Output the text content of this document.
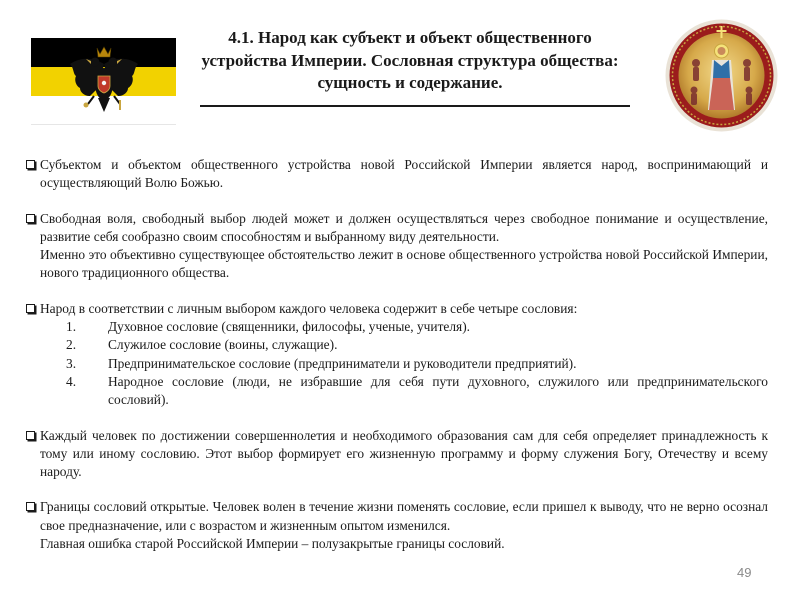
4.1. Народ как субъект и объект общественного устройства Империи. Сословная структура общества: сущность и содержание.

Субъектом и объектом общественного устройства новой Российской Империи является народ, воспринимающий и осуществляющий Волю Божью.

Свободная воля, свободный выбор людей может и должен осуществляться через свободное понимание и осуществление, развитие себя сообразно своим способностям и выбранному виду деятельности.

Именно это объективно существующее обстоятельство лежит в основе общественного устройства новой Российской Империи, нового традиционного общества.

Народ в соответствии с личным выбором каждого человека содержит в себе четыре сословия:

1. Духовное сословие (священники, философы, ученые, учителя).
2. Служилое сословие (воины, служащие).
3. Предпринимательское сословие (предприниматели и руководители предприятий).
4. Народное сословие (люди, не избравшие для себя пути духовного, служилого или предпринимательского сословий).

Каждый человек по достижении совершеннолетия и необходимого образования сам для себя определяет принадлежность к тому или иному сословию. Этот выбор формирует его жизненную программу и форму служения Богу, Отечеству и всему народу.

Границы сословий открытые. Человек волен в течение жизни поменять сословие, если пришел к выводу, что не верно осознал свое предназначение, или с возрастом и жизненным опытом изменился.

Главная ошибка старой Российской Империи – полузакрытые границы сословий.

49
